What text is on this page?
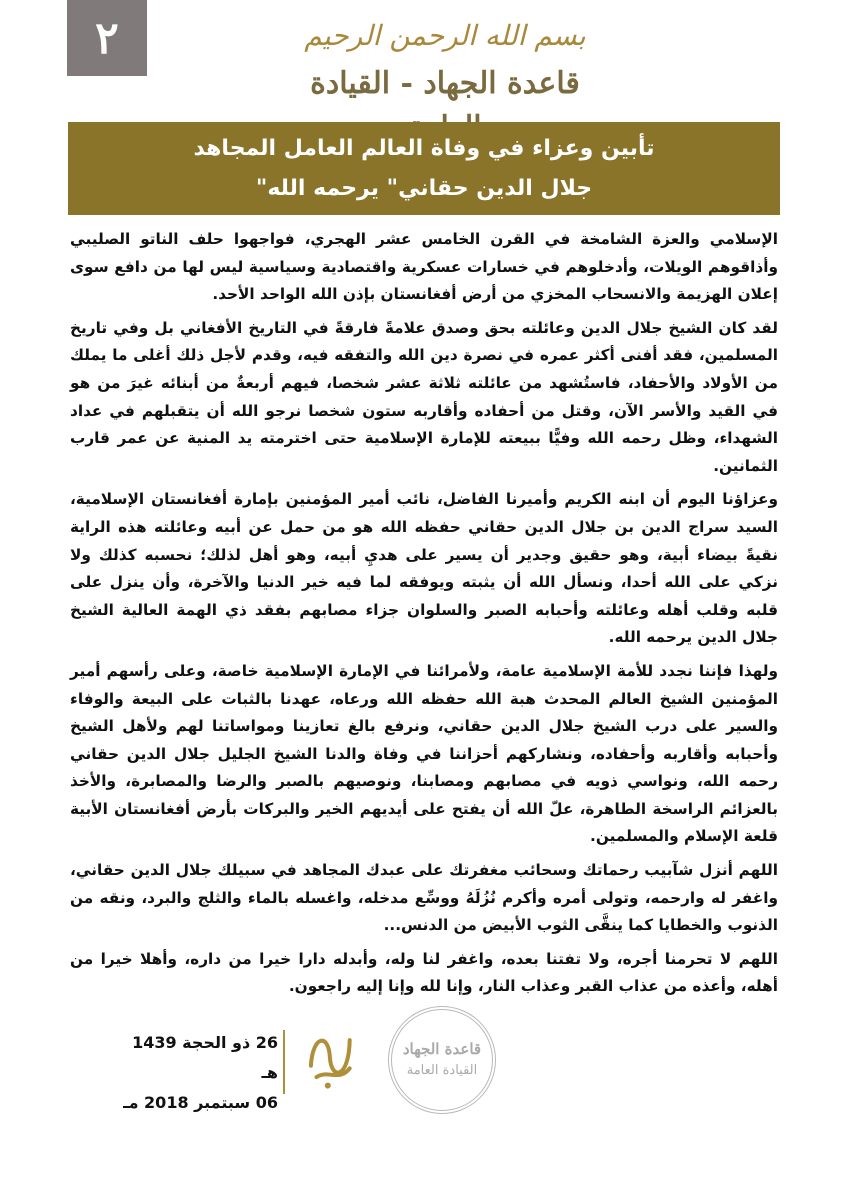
٢	بسم الله الرحمن الرحيم
قاعدة الجهاد - القيادة
تأبين وعزاء في وفاة العالم العامل المجاهد
"جلال الدين حقاني" يرحمه الله

الإسلامي والعزة الشامخة في القرن الخامس عشر الهجري، فواجهوا حلف الناتو الصليبي وأذاقوهم الويلات، وأدخلوهم في خسارات عسكرية واقتصادية وسياسية ليس لها من دافع سوى إعلان الهزيمة والانسحاب المخزي من أرض أفغانستان بإذن الله الواحد الأحد.

لقد كان الشيخ جلال الدين وعائلته بحق وصدق علامةً فارقةً في التاريخ الأفغاني بل وفي تاريخ المسلمين، فقد أفنى أكثر عمره في نصرة دين الله والتفقه فيه، وقدم لأجل ذلك أغلى ما يملك من الأولاد والأحفاد، فاستُشهد من عائلته ثلاثة عشر شخصا، فيهم أربعةٌ من أبنائه غيرَ من هو في القيد والأسر الآن، وقتل من أحفاده وأقاربه ستون شخصا نرجو الله أن يتقبلهم في عداد الشهداء، وظل رحمه الله وفيًّا ببيعته للإمارة الإسلامية حتى اخترمته يد المنية عن عمر قارب الثمانين.

وعزاؤنا اليوم أن ابنه الكريم وأميرنا الفاضل، نائب أمير المؤمنين بإمارة أفغانستان الإسلامية، السيد سراج الدين بن جلال الدين حقاني حفظه الله هو من حمل عن أبيه وعائلته هذه الراية نقيةً بيضاء أبية، وهو حقيق وجدير أن يسير على هديِ أبيه، وهو أهل لذلك؛ نحسبه كذلك ولا نزكي على الله أحدا، ونسأل الله أن يثبته ويوفقه لما فيه خير الدنيا والآخرة، وأن ينزل على قلبه وقلب أهله وعائلته وأحبابه الصبر والسلوان جزاء مصابهم بفقد ذي الهمة العالية الشيخ جلال الدين يرحمه الله.

ولهذا فإننا نجدد للأمة الإسلامية عامة، ولأمرائنا في الإمارة الإسلامية خاصة، وعلى رأسهم أمير المؤمنين الشيخ العالم المحدث هبة الله حفظه الله ورعاه، عهدنا بالثبات على البيعة والوفاء والسير على درب الشيخ جلال الدين حقاني، ونرفع بالغ تعازينا ومواساتنا لهم ولأهل الشيخ وأحبابه وأقاربه وأحفاده، ونشاركهم أحزاننا في وفاة والدنا الشيخ الجليل جلال الدين حقاني رحمه الله، ونواسي ذويه في مصابهم ومصابنا، ونوصيهم بالصبر والرضا والمصابرة، والأخذ بالعزائم الراسخة الطاهرة، علّ الله أن يفتح على أيديهم الخير والبركات بأرض أفغانستان الأبية قلعة الإسلام والمسلمين.

اللهم أنزل شآبيب رحماتك وسحائب مغفرتك على عبدك المجاهد في سبيلك جلال الدين حقاني، واغفر له وارحمه، وتولى أمره وأكرم نُزُلَهُ ووسِّع مدخله، واغسله بالماء والثلج والبرد، ونقه من الذنوب والخطايا كما ينقَّى الثوب الأبيض من الدنس...

اللهم لا تحرمنا أجره، ولا تفتنا بعده، واغفر لنا وله، وأبدله دارا خيرا من داره، وأهلا خيرا من أهله، وأعذه من عذاب القبر وعذاب النار، وإنا لله وإنا إليه راجعون.

قاعدة الجهاد
القيادة العامة
26 ذو الحجة 1439 هـ
06 سبتمبر 2018 مـ
